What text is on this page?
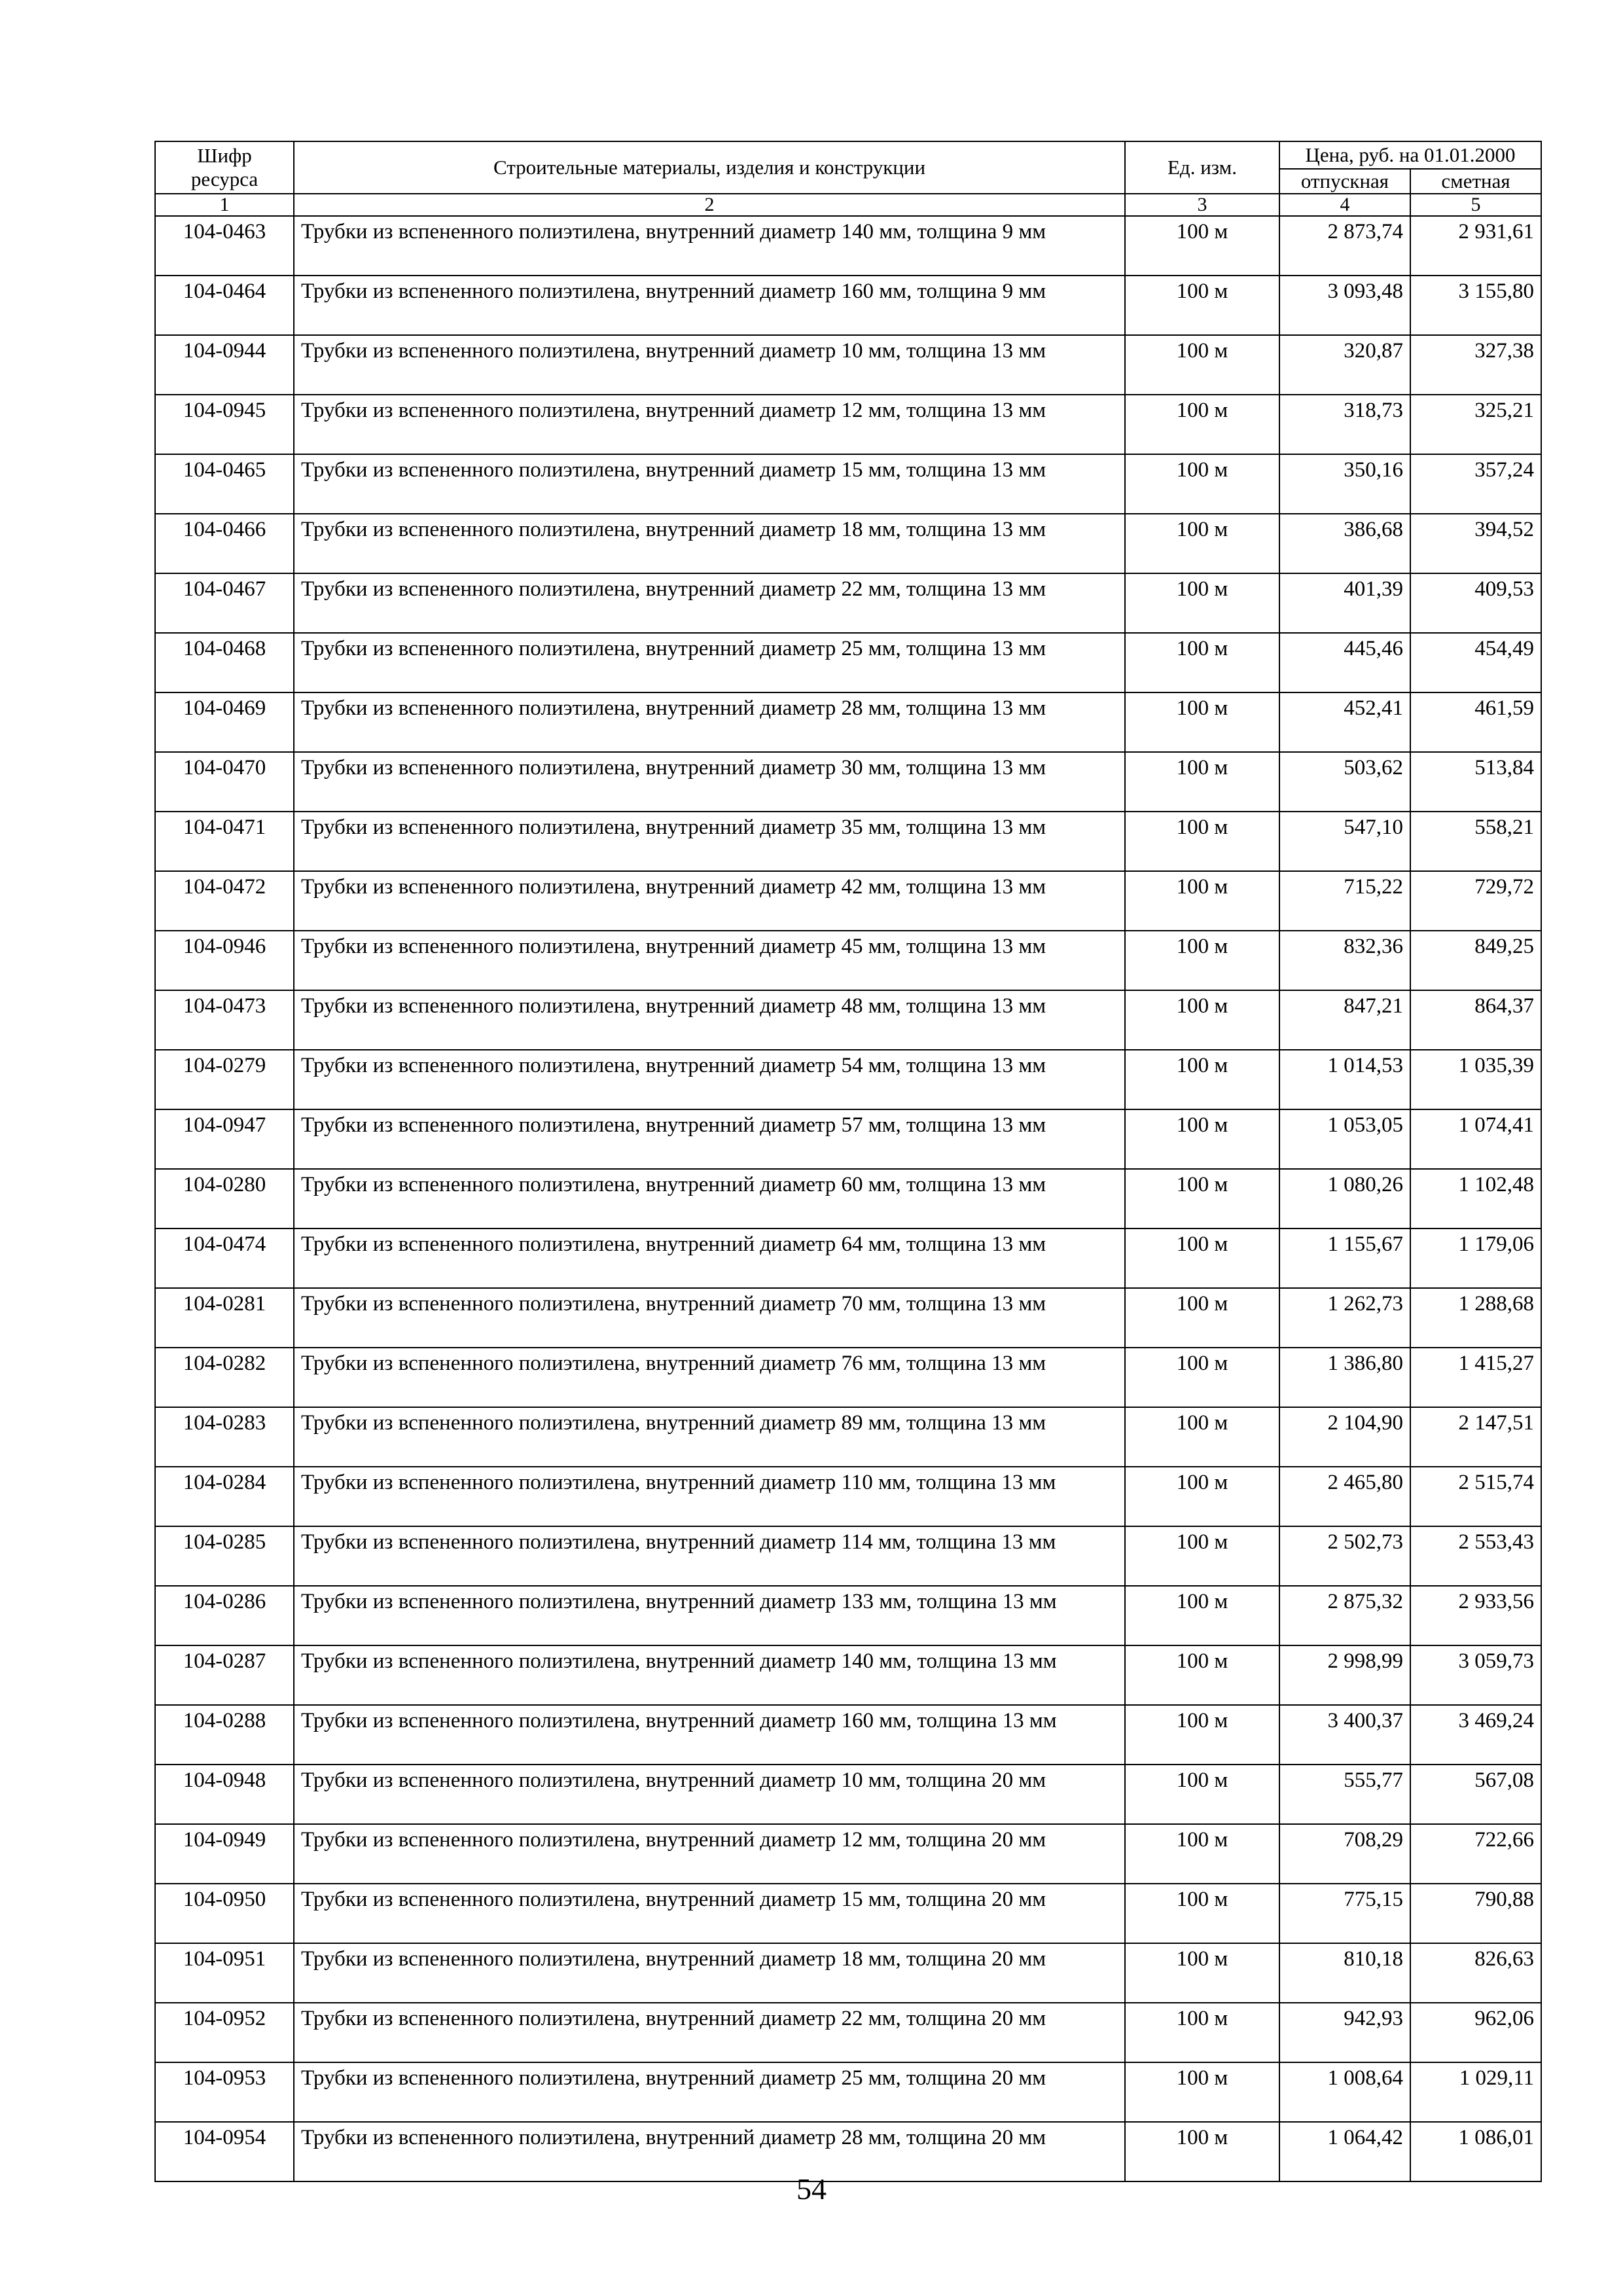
Шифр ресурса	Строительные материалы, изделия и конструкции	Ед. изм.	Цена, руб. на 01.01.2000	
			отпускная	сметная
1	2	3	4	5
104-0463	Трубки из вспененного полиэтилена, внутренний диаметр 140 мм, толщина 9 мм	100 м	2 873,74	2 931,61
104-0464	Трубки из вспененного полиэтилена, внутренний диаметр 160 мм, толщина 9 мм	100 м	3 093,48	3 155,80
104-0944	Трубки из вспененного полиэтилена, внутренний диаметр 10 мм, толщина 13 мм	100 м	320,87	327,38
104-0945	Трубки из вспененного полиэтилена, внутренний диаметр 12 мм, толщина 13 мм	100 м	318,73	325,21
104-0465	Трубки из вспененного полиэтилена, внутренний диаметр 15 мм, толщина 13 мм	100 м	350,16	357,24
104-0466	Трубки из вспененного полиэтилена, внутренний диаметр 18 мм, толщина 13 мм	100 м	386,68	394,52
104-0467	Трубки из вспененного полиэтилена, внутренний диаметр 22 мм, толщина 13 мм	100 м	401,39	409,53
104-0468	Трубки из вспененного полиэтилена, внутренний диаметр 25 мм, толщина 13 мм	100 м	445,46	454,49
104-0469	Трубки из вспененного полиэтилена, внутренний диаметр 28 мм, толщина 13 мм	100 м	452,41	461,59
104-0470	Трубки из вспененного полиэтилена, внутренний диаметр 30 мм, толщина 13 мм	100 м	503,62	513,84
104-0471	Трубки из вспененного полиэтилена, внутренний диаметр 35 мм, толщина 13 мм	100 м	547,10	558,21
104-0472	Трубки из вспененного полиэтилена, внутренний диаметр 42 мм, толщина 13 мм	100 м	715,22	729,72
104-0946	Трубки из вспененного полиэтилена, внутренний диаметр 45 мм, толщина 13 мм	100 м	832,36	849,25
104-0473	Трубки из вспененного полиэтилена, внутренний диаметр 48 мм, толщина 13 мм	100 м	847,21	864,37
104-0279	Трубки из вспененного полиэтилена, внутренний диаметр 54 мм, толщина 13 мм	100 м	1 014,53	1 035,39
104-0947	Трубки из вспененного полиэтилена, внутренний диаметр 57 мм, толщина 13 мм	100 м	1 053,05	1 074,41
104-0280	Трубки из вспененного полиэтилена, внутренний диаметр 60 мм, толщина 13 мм	100 м	1 080,26	1 102,48
104-0474	Трубки из вспененного полиэтилена, внутренний диаметр 64 мм, толщина 13 мм	100 м	1 155,67	1 179,06
104-0281	Трубки из вспененного полиэтилена, внутренний диаметр 70 мм, толщина 13 мм	100 м	1 262,73	1 288,68
104-0282	Трубки из вспененного полиэтилена, внутренний диаметр 76 мм, толщина 13 мм	100 м	1 386,80	1 415,27
104-0283	Трубки из вспененного полиэтилена, внутренний диаметр 89 мм, толщина 13 мм	100 м	2 104,90	2 147,51
104-0284	Трубки из вспененного полиэтилена, внутренний диаметр 110 мм, толщина 13 мм	100 м	2 465,80	2 515,74
104-0285	Трубки из вспененного полиэтилена, внутренний диаметр 114 мм, толщина 13 мм	100 м	2 502,73	2 553,43
104-0286	Трубки из вспененного полиэтилена, внутренний диаметр 133 мм, толщина 13 мм	100 м	2 875,32	2 933,56
104-0287	Трубки из вспененного полиэтилена, внутренний диаметр 140 мм, толщина 13 мм	100 м	2 998,99	3 059,73
104-0288	Трубки из вспененного полиэтилена, внутренний диаметр 160 мм, толщина 13 мм	100 м	3 400,37	3 469,24
104-0948	Трубки из вспененного полиэтилена, внутренний диаметр 10 мм, толщина 20 мм	100 м	555,77	567,08
104-0949	Трубки из вспененного полиэтилена, внутренний диаметр 12 мм, толщина 20 мм	100 м	708,29	722,66
104-0950	Трубки из вспененного полиэтилена, внутренний диаметр 15 мм, толщина 20 мм	100 м	775,15	790,88
104-0951	Трубки из вспененного полиэтилена, внутренний диаметр 18 мм, толщина 20 мм	100 м	810,18	826,63
104-0952	Трубки из вспененного полиэтилена, внутренний диаметр 22 мм, толщина 20 мм	100 м	942,93	962,06
104-0953	Трубки из вспененного полиэтилена, внутренний диаметр 25 мм, толщина 20 мм	100 м	1 008,64	1 029,11
104-0954	Трубки из вспененного полиэтилена, внутренний диаметр 28 мм, толщина 20 мм	100 м	1 064,42	1 086,01
54
